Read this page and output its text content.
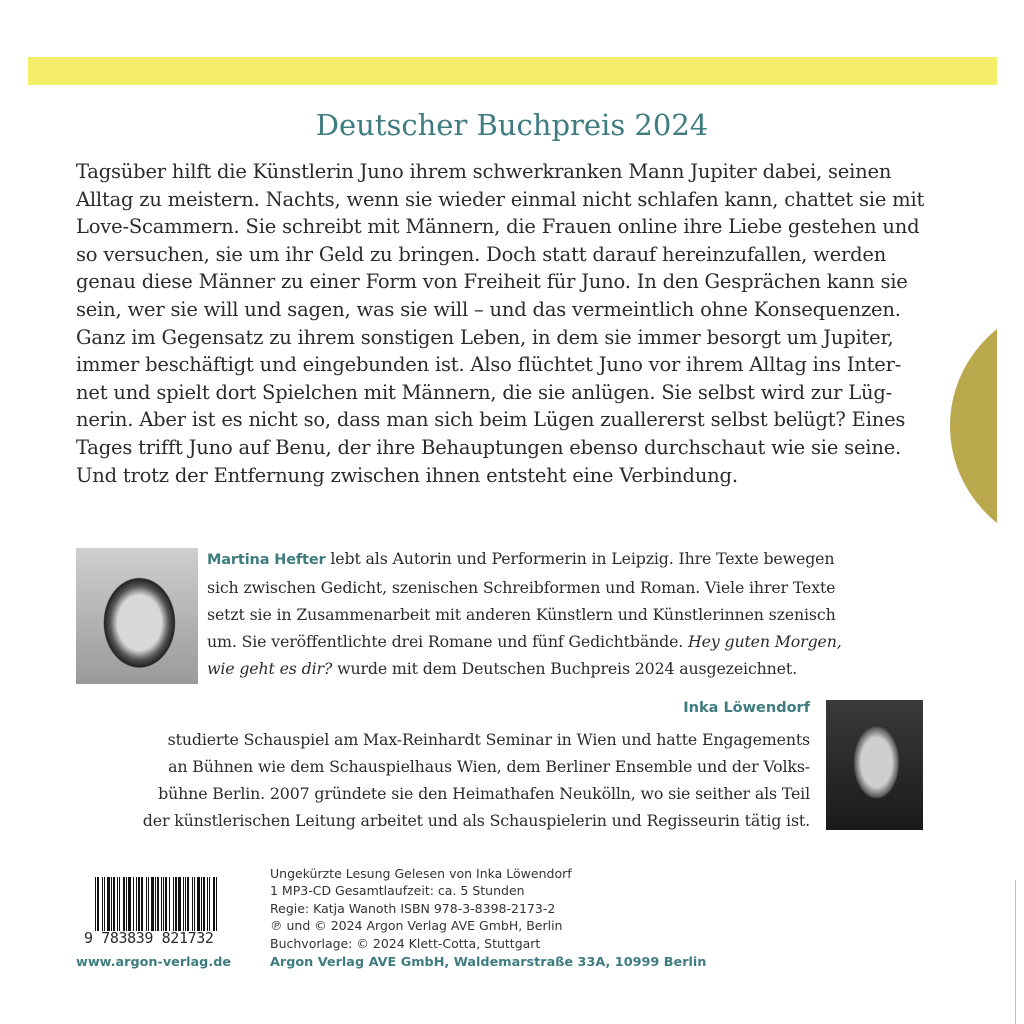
Deutscher Buchpreis 2024
Tagsüber hilft die Künstlerin Juno ihrem schwerkranken Mann Jupiter dabei, seinen
Alltag zu meistern. Nachts, wenn sie wieder einmal nicht schlafen kann, chattet sie mit
Love-Scammern. Sie schreibt mit Männern, die Frauen online ihre Liebe gestehen und
so versuchen, sie um ihr Geld zu bringen. Doch statt darauf hereinzufallen, werden
genau diese Männer zu einer Form von Freiheit für Juno. In den Gesprächen kann sie
sein, wer sie will und sagen, was sie will – und das vermeintlich ohne Konsequenzen.
Ganz im Gegensatz zu ihrem sonstigen Leben, in dem sie immer besorgt um Jupiter,
immer beschäftigt und eingebunden ist. Also flüchtet Juno vor ihrem Alltag ins Inter-
net und spielt dort Spielchen mit Männern, die sie anlügen. Sie selbst wird zur Lüg-
nerin. Aber ist es nicht so, dass man sich beim Lügen zuallererst selbst belügt? Eines
Tages trifft Juno auf Benu, der ihre Behauptungen ebenso durchschaut wie sie seine.
Und trotz der Entfernung zwischen ihnen entsteht eine Verbindung.
Martina Hefter lebt als Autorin und Performerin in Leipzig. Ihre Texte bewegen
sich zwischen Gedicht, szenischen Schreibformen und Roman. Viele ihrer Texte
setzt sie in Zusammenarbeit mit anderen Künstlern und Künstlerinnen szenisch
um. Sie veröffentlichte drei Romane und fünf Gedichtbände. Hey guten Morgen,
wie geht es dir? wurde mit dem Deutschen Buchpreis 2024 ausgezeichnet.
Inka Löwendorf
studierte Schauspiel am Max-Reinhardt Seminar in Wien und hatte Engagements
an Bühnen wie dem Schauspielhaus Wien, dem Berliner Ensemble und der Volks-
bühne Berlin. 2007 gründete sie den Heimathafen Neukölln, wo sie seither als Teil
der künstlerischen Leitung arbeitet und als Schauspielerin und Regisseurin tätig ist.
9 783839 821732
Ungekürzte Lesung Gelesen von Inka Löwendorf
1 MP3-CD Gesamtlaufzeit: ca. 5 Stunden
Regie: Katja Wanoth ISBN 978-3-8398-2173-2
℗ und © 2024 Argon Verlag AVE GmbH, Berlin
Buchvorlage: © 2024 Klett-Cotta, Stuttgart
www.argon-verlag.de	Argon Verlag AVE GmbH, Waldemarstraße 33A, 10999 Berlin
